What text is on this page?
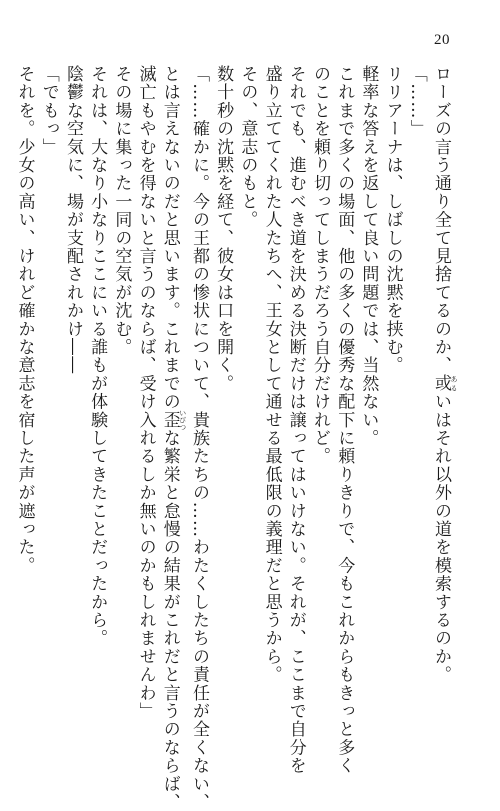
20
ローズの言う通り全て見捨てるのか、或 あるいはそれ以外の道を模索するのか。
「……」
リリアーナは、しばしの沈黙を挟む。
軽率な答えを返して良い問題では、当然ない。
これまで多くの場面、他の多くの優秀な配下に頼りきりで、今もこれからもきっと多く
のことを頼り切ってしまうだろう自分だけれど。
それでも、進むべき道を決める決断だけは譲ってはいけない。それが、ここまで自分を
盛り立ててくれた人たちへ、王女として通せる最低限の義理だと思うから。
その、意志のもと。
数十秒の沈黙を経て、彼女は口を開く。
「……確かに。今の王都の惨状について、貴族たちの……わたくしたちの責任が全くない、
とは言えないのだと思います。これまでの歪 いびつな繁栄と怠慢の結果がこれだと言うのならば、
滅亡もやむを得ないと言うのならば、受け入れるしか無いのかもしれませんわ」
その場に集った一同の空気が沈む。
それは、大なり小なりここにいる誰もが体験してきたことだったから。
陰鬱な空気に、場が支配されかけ――
「でもっ」
それを。少女の高い、けれど確かな意志を宿した声が遮った。
